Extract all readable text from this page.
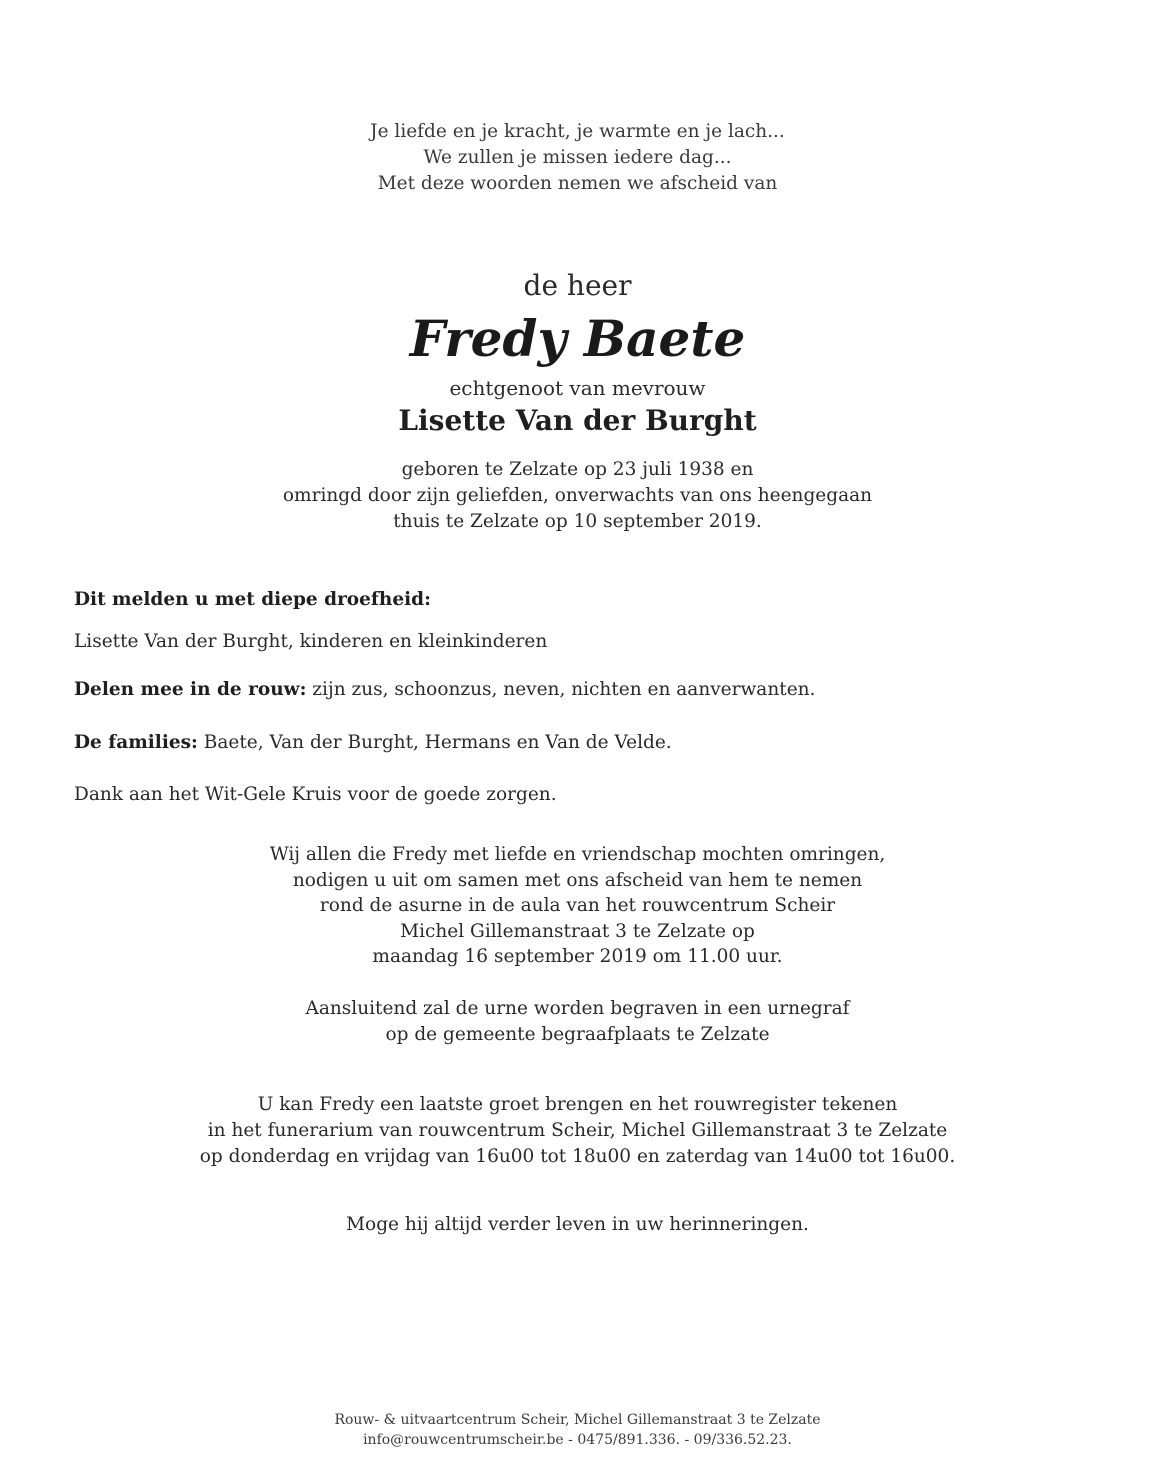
Je liefde en je kracht, je warmte en je lach...
We zullen je missen iedere dag...
Met deze woorden nemen we afscheid van
de heer
Fredy Baete
echtgenoot van mevrouw
Lisette Van der Burght
geboren te Zelzate op 23 juli 1938 en
omringd door zijn geliefden, onverwachts van ons heengegaan
thuis te Zelzate op 10 september 2019.
Dit melden u met diepe droefheid:
Lisette Van der Burght, kinderen en kleinkinderen
Delen mee in de rouw: zijn zus, schoonzus, neven, nichten en aanverwanten.
De families: Baete, Van der Burght, Hermans en Van de Velde.
Dank aan het Wit-Gele Kruis voor de goede zorgen.
Wij allen die Fredy met liefde en vriendschap mochten omringen,
nodigen u uit om samen met ons afscheid van hem te nemen
rond de asurne in de aula van het rouwcentrum Scheir
Michel Gillemanstraat 3 te Zelzate op
maandag 16 september 2019 om 11.00 uur.
Aansluitend zal de urne worden begraven in een urnegraf
op de gemeente begraafplaats te Zelzate
U kan Fredy een laatste groet brengen en het rouwregister tekenen
in het funerarium van rouwcentrum Scheir, Michel Gillemanstraat 3 te Zelzate
op donderdag en vrijdag van 16u00 tot 18u00 en zaterdag van 14u00 tot 16u00.
Moge hij altijd verder leven in uw herinneringen.
Rouw- & uitvaartcentrum Scheir, Michel Gillemanstraat 3 te Zelzate
info@rouwcentrumscheir.be - 0475/891.336. - 09/336.52.23.
